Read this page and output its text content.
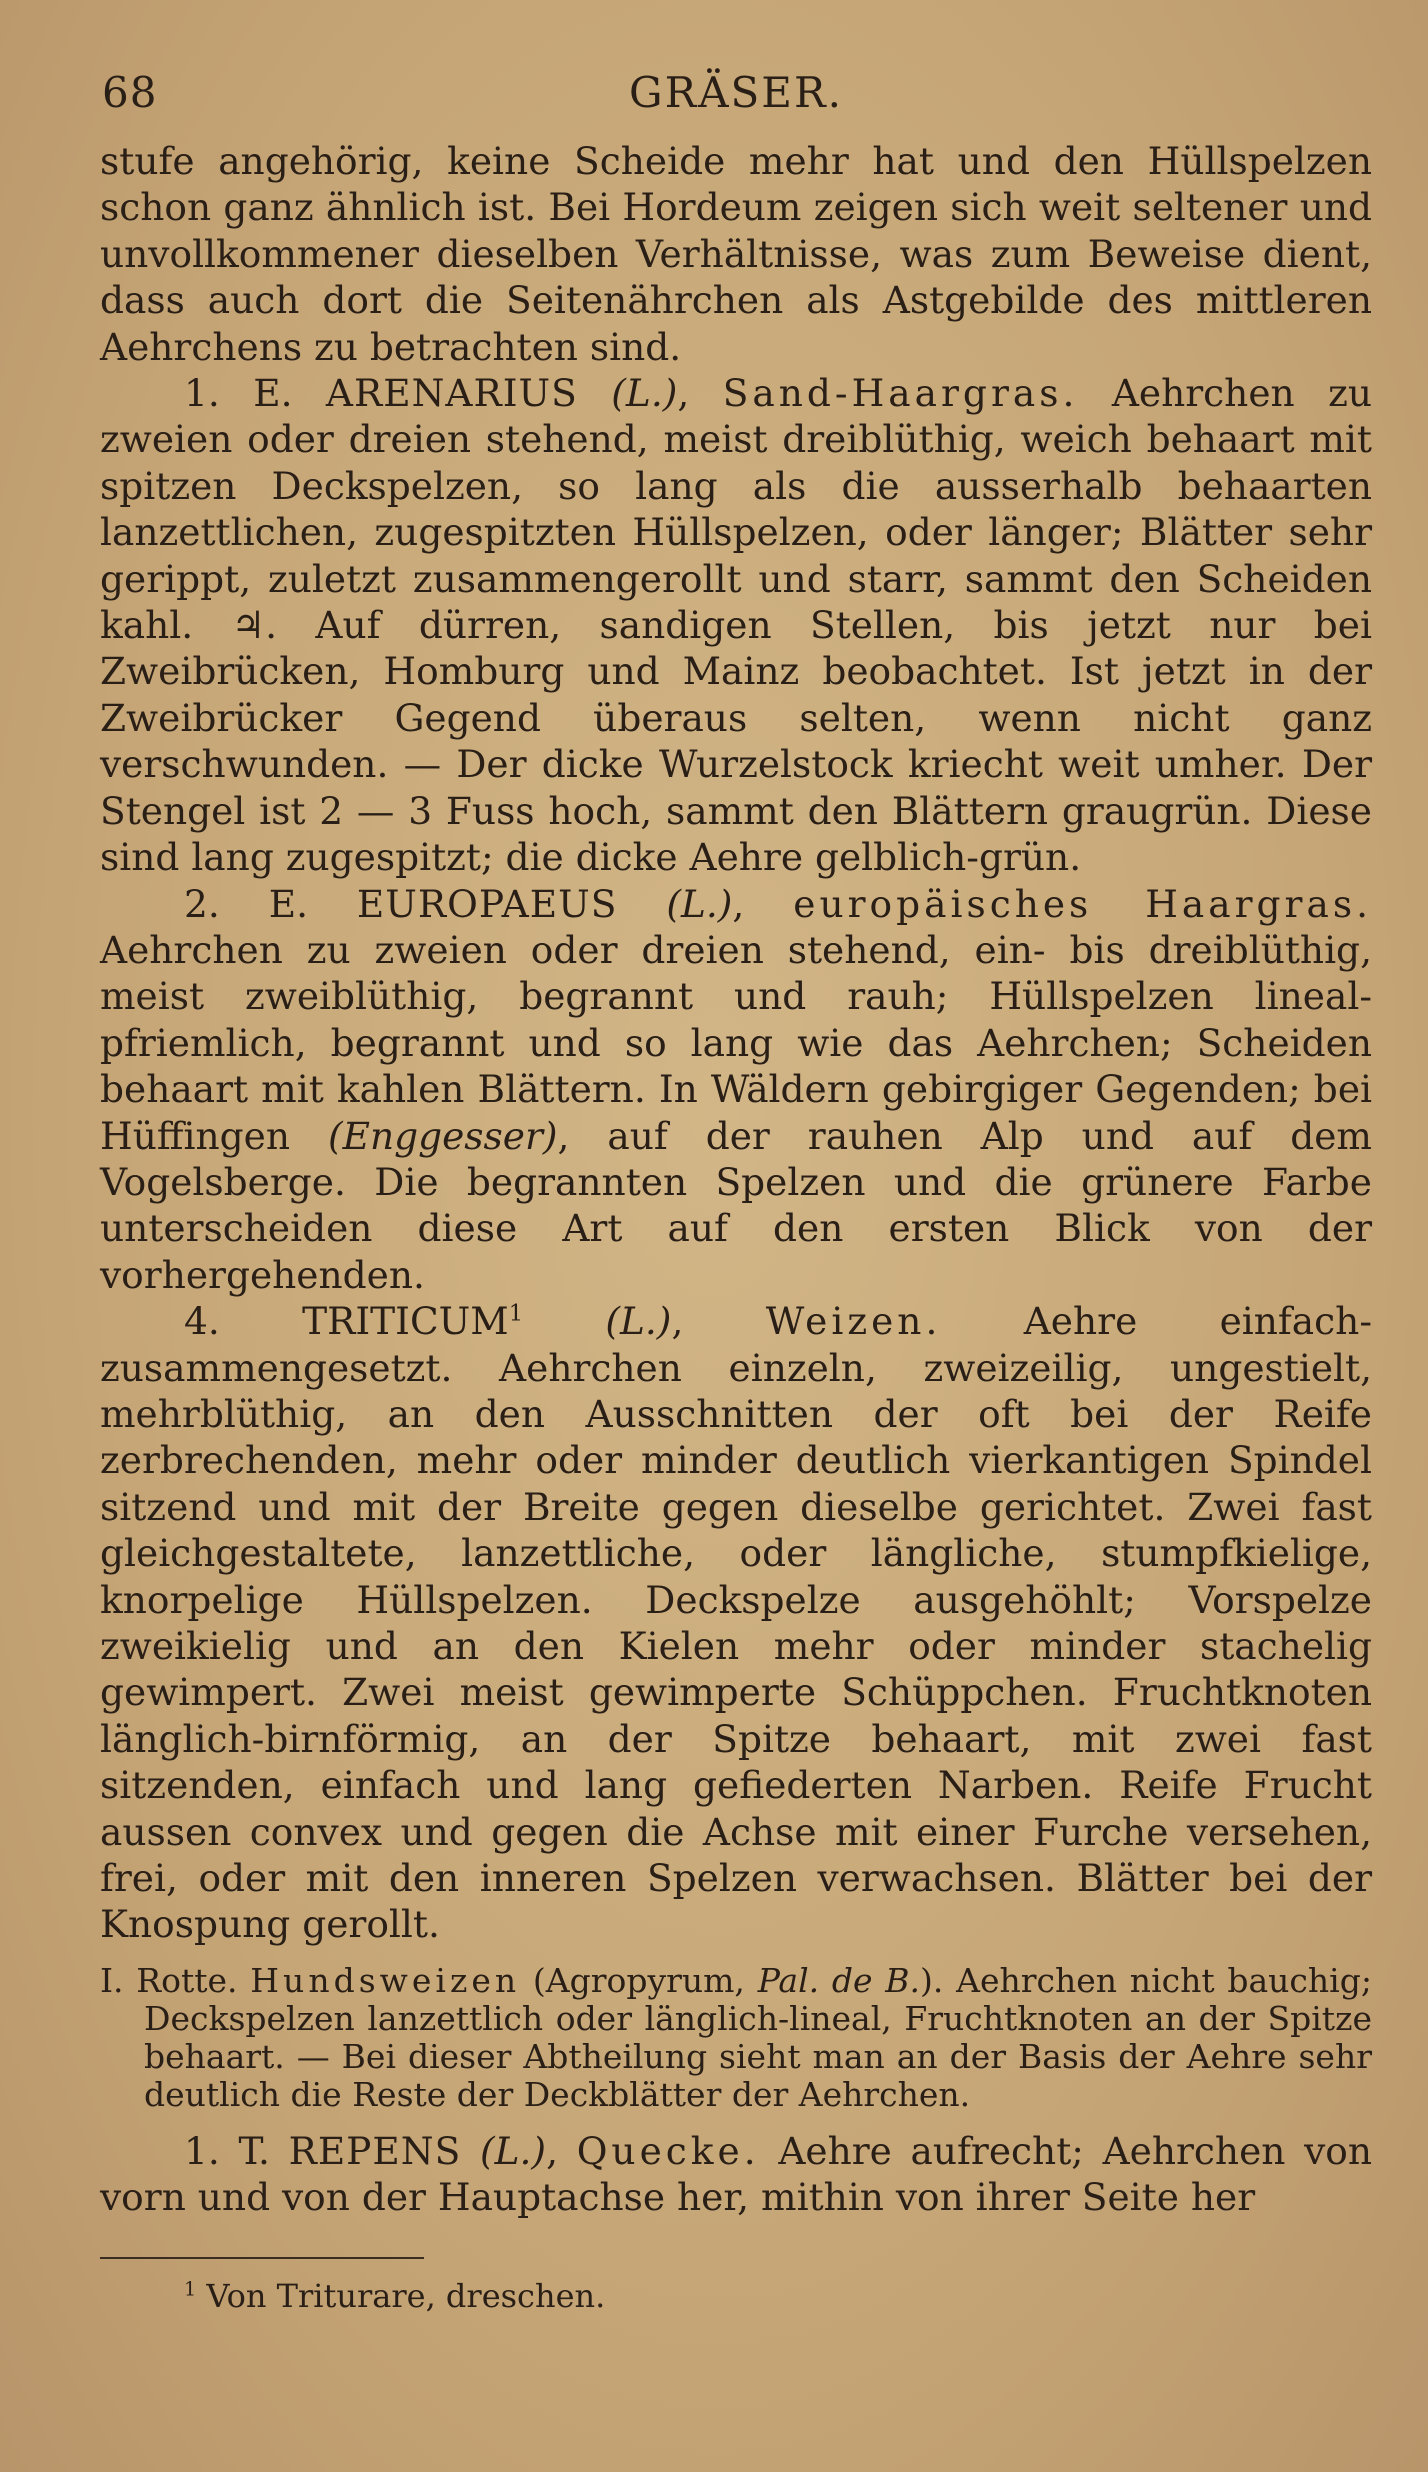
68	GRÄSER.

stufe angehörig, keine Scheide mehr hat und den Hüllspelzen schon ganz ähnlich ist. Bei Hordeum zeigen sich weit seltener und unvollkommener dieselben Verhältnisse, was zum Beweise dient, dass auch dort die Seitenährchen als Astgebilde des mittleren Aehrchens zu betrachten sind.

1. E. ARENARIUS (L.), Sand-Haargras. Aehrchen zu zweien oder dreien stehend, meist dreiblüthig, weich behaart mit spitzen Deckspelzen, so lang als die ausserhalb behaarten lanzettlichen, zugespitzten Hüllspelzen, oder länger; Blätter sehr gerippt, zuletzt zusammengerollt und starr, sammt den Scheiden kahl. ♃. Auf dürren, sandigen Stellen, bis jetzt nur bei Zweibrücken, Homburg und Mainz beobachtet. Ist jetzt in der Zweibrücker Gegend überaus selten, wenn nicht ganz verschwunden. — Der dicke Wurzelstock kriecht weit umher. Der Stengel ist 2 — 3 Fuss hoch, sammt den Blättern graugrün. Diese sind lang zugespitzt; die dicke Aehre gelblich-grün.

2. E. EUROPAEUS (L.), europäisches Haargras. Aehrchen zu zweien oder dreien stehend, ein- bis dreiblüthig, meist zweiblüthig, begrannt und rauh; Hüllspelzen lineal-pfriemlich, begrannt und so lang wie das Aehrchen; Scheiden behaart mit kahlen Blättern. In Wäldern gebirgiger Gegenden; bei Hüffingen (Enggesser), auf der rauhen Alp und auf dem Vogelsberge. Die begrannten Spelzen und die grünere Farbe unterscheiden diese Art auf den ersten Blick von der vorhergehenden.

4. TRITICUM$^1$ (L.), Weizen. Aehre einfach-zusammengesetzt. Aehrchen einzeln, zweizeilig, ungestielt, mehrblüthig, an den Ausschnitten der oft bei der Reife zerbrechenden, mehr oder minder deutlich vierkantigen Spindel sitzend und mit der Breite gegen dieselbe gerichtet. Zwei fast gleichgestaltete, lanzettliche, oder längliche, stumpfkielige, knorpelige Hüllspelzen. Deckspelze ausgehöhlt; Vorspelze zweikielig und an den Kielen mehr oder minder stachelig gewimpert. Zwei meist gewimperte Schüppchen. Fruchtknoten länglich-birnförmig, an der Spitze behaart, mit zwei fast sitzenden, einfach und lang gefiederten Narben. Reife Frucht aussen convex und gegen die Achse mit einer Furche versehen, frei, oder mit den inneren Spelzen verwachsen. Blätter bei der Knospung gerollt.

I. Rotte. Hundsweizen (Agropyrum, Pal. de B.). Aehrchen nicht bauchig; Deckspelzen lanzettlich oder länglich-lineal, Fruchtknoten an der Spitze behaart. — Bei dieser Abtheilung sieht man an der Basis der Aehre sehr deutlich die Reste der Deckblätter der Aehrchen.

1. T. REPENS (L.), Quecke. Aehre aufrecht; Aehrchen von vorn und von der Hauptachse her, mithin von ihrer Seite her

$^1$ Von Triturare, dreschen.
